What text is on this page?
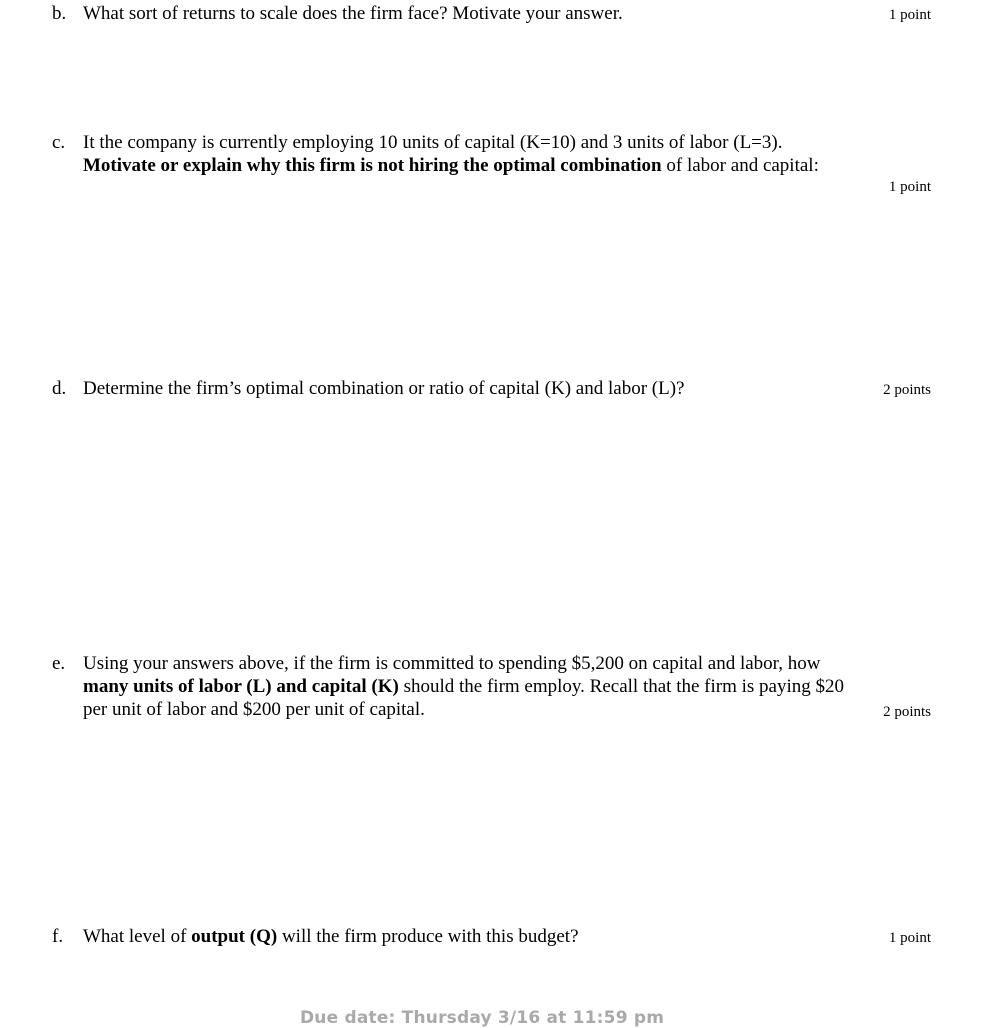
b. What sort of returns to scale does the firm face? Motivate your answer.	1 point
c. It the company is currently employing 10 units of capital (K=10) and 3 units of labor (L=3).
Motivate or explain why this firm is not hiring the optimal combination of labor and capital:
1 point
d. Determine the firm’s optimal combination or ratio of capital (K) and labor (L)?	2 points
e. Using your answers above, if the firm is committed to spending $5,200 on capital and labor, how
many units of labor (L) and capital (K) should the firm employ. Recall that the firm is paying $20
per unit of labor and $200 per unit of capital.	2 points
f. What level of output (Q) will the firm produce with this budget?	1 point
Due date: Thursday 3/16 at 11:59 pm
